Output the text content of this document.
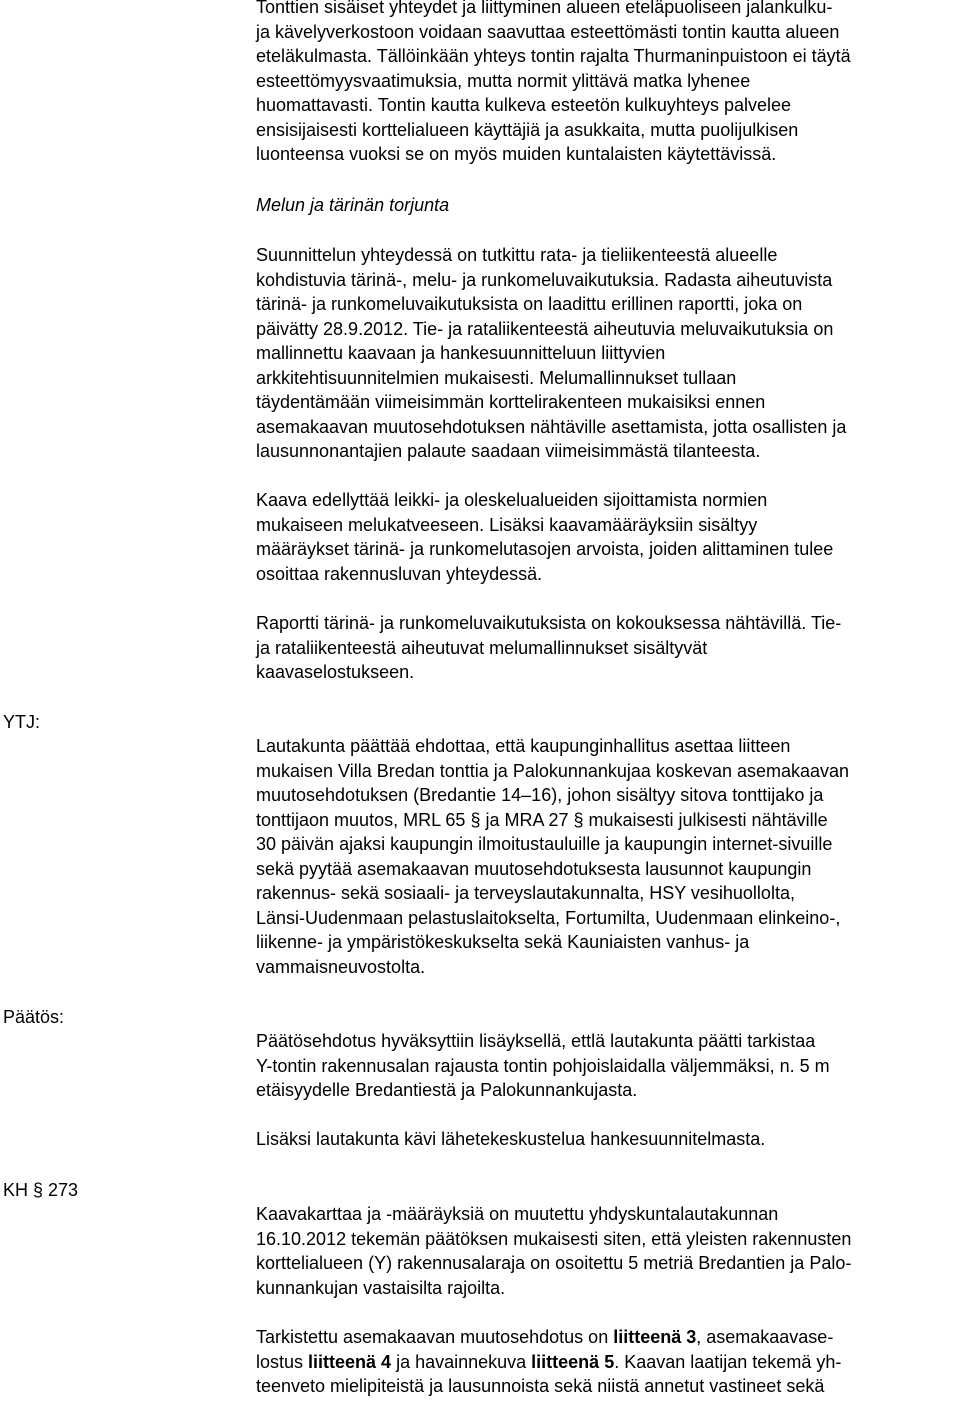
Tonttien sisäiset yhteydet ja liittyminen alueen eteläpuoliseen jalankulku-
ja kävelyverkostoon voidaan saavuttaa esteettömästi tontin kautta alueen
eteläkulmasta. Tällöinkään yhteys tontin rajalta Thurmaninpuistoon ei täytä
esteettömyysvaatimuksia, mutta normit ylittävä matka lyhenee
huomattavasti. Tontin kautta kulkeva esteetön kulkuyhteys palvelee
ensisijaisesti korttelialueen käyttäjiä ja asukkaita, mutta puolijulkisen
luonteensa vuoksi se on myös muiden kuntalaisten käytettävissä.
Melun ja tärinän torjunta
Suunnittelun yhteydessä on tutkittu rata- ja tieliikenteestä alueelle
kohdistuvia tärinä-, melu- ja runkomeluvaikutuksia. Radasta aiheutuvista
tärinä- ja runkomeluvaikutuksista on laadittu erillinen raportti, joka on
päivätty 28.9.2012. Tie- ja rataliikenteestä aiheutuvia meluvaikutuksia on
mallinnettu kaavaan ja hankesuunnitteluun liittyvien
arkkitehtisuunnitelmien mukaisesti. Melumallinnukset tullaan
täydentämään viimeisimmän korttelirakenteen mukaisiksi ennen
asemakaavan muutosehdotuksen nähtäville asettamista, jotta osallisten ja
lausunnonantajien palaute saadaan viimeisimmästä tilanteesta.
Kaava edellyttää leikki- ja oleskelualueiden sijoittamista normien
mukaiseen melukatveeseen. Lisäksi kaavamääräyksiin sisältyy
määräykset tärinä- ja runkomelutasojen arvoista, joiden alittaminen tulee
osoittaa rakennusluvan yhteydessä.
Raportti tärinä- ja runkomeluvaikutuksista on kokouksessa nähtävillä. Tie-
ja rataliikenteestä aiheutuvat melumallinnukset sisältyvät
kaavaselostukseen.
YTJ:
Lautakunta päättää ehdottaa, että kaupunginhallitus asettaa liitteen
mukaisen Villa Bredan tonttia ja Palokunnankujaa koskevan asemakaavan
muutosehdotuksen (Bredantie 14–16), johon sisältyy sitova tonttijako ja
tonttijaon muutos, MRL 65 § ja MRA 27 § mukaisesti julkisesti nähtäville
30 päivän ajaksi kaupungin ilmoitustauluille ja kaupungin internet-sivuille
sekä pyytää asemakaavan muutosehdotuksesta lausunnot kaupungin
rakennus- sekä sosiaali- ja terveyslautakunnalta, HSY vesihuollolta,
Länsi-Uudenmaan pelastuslaitokselta, Fortumilta, Uudenmaan elinkeino-,
liikenne- ja ympäristökeskukselta sekä Kauniaisten vanhus- ja
vammaisneuvostolta.
Päätös:
Päätösehdotus hyväksyttiin lisäyksellä, ettlä lautakunta päätti tarkistaa
Y-tontin rakennusalan rajausta tontin pohjoislaidalla väljemmäksi, n. 5 m
etäisyydelle Bredantiestä ja Palokunnankujasta.
Lisäksi lautakunta kävi lähetekeskustelua hankesuunnitelmasta.
KH § 273
Kaavakarttaa ja -määräyksiä on muutettu yhdyskuntalautakunnan
16.10.2012 tekemän päätöksen mukaisesti siten, että yleisten rakennusten
korttelialueen (Y) rakennusalaraja on osoitettu 5 metriä Bredantien ja Palo-
kunnankujan vastaisilta rajoilta.
Tarkistettu asemakaavan muutosehdotus on liitteenä 3, asemakaavase-
lostus liitteenä 4 ja havainnekuva liitteenä 5. Kaavan laatijan tekemä yh-
teenveto mielipiteistä ja lausunnoista sekä niistä annetut vastineet sekä
